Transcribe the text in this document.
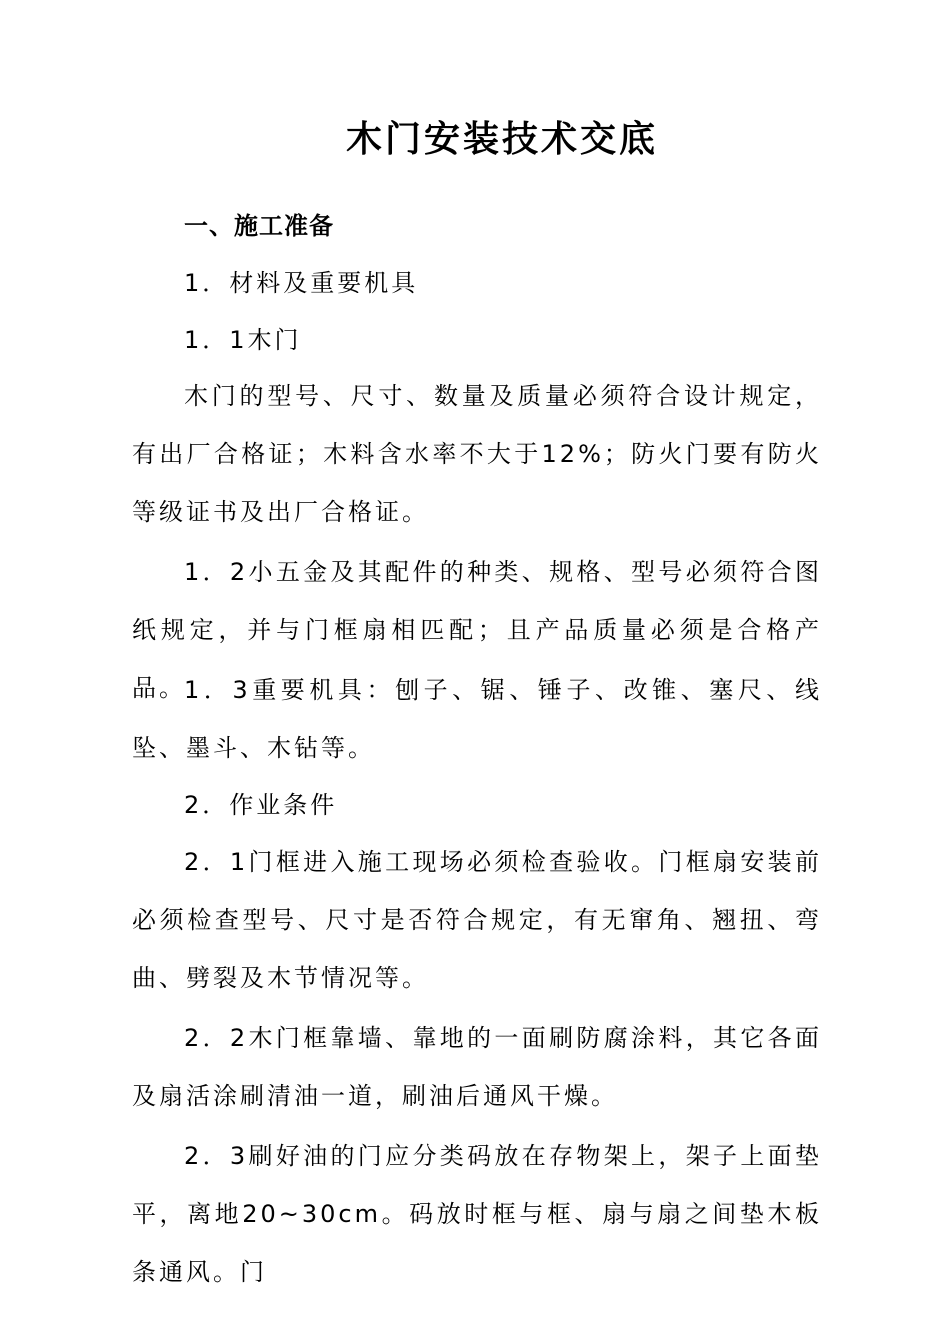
木门安装技术交底
一、施工准备
1．材料及重要机具
1．1木门
木门的型号、尺寸、数量及质量必须符合设计规定，有出厂合格证；木料含水率不大于12%；防火门要有防火等级证书及出厂合格证。
1．2小五金及其配件的种类、规格、型号必须符合图纸规定，并与门框扇相匹配；且产品质量必须是合格产品。
1．3重要机具：刨子、锯、锤子、改锥、塞尺、线坠、墨斗、木钻等。
2．作业条件
2．1门框进入施工现场必须检查验收。门框扇安装前必须检查型号、尺寸是否符合规定，有无窜角、翘扭、弯曲、劈裂及木节情况等。
2．2木门框靠墙、靠地的一面刷防腐涂料，其它各面及扇活涂刷清油一道，刷油后通风干燥。
2．3刷好油的门应分类码放在存物架上，架子上面垫平，离地20~30cm。码放时框与框、扇与扇之间垫木板条通风。门
